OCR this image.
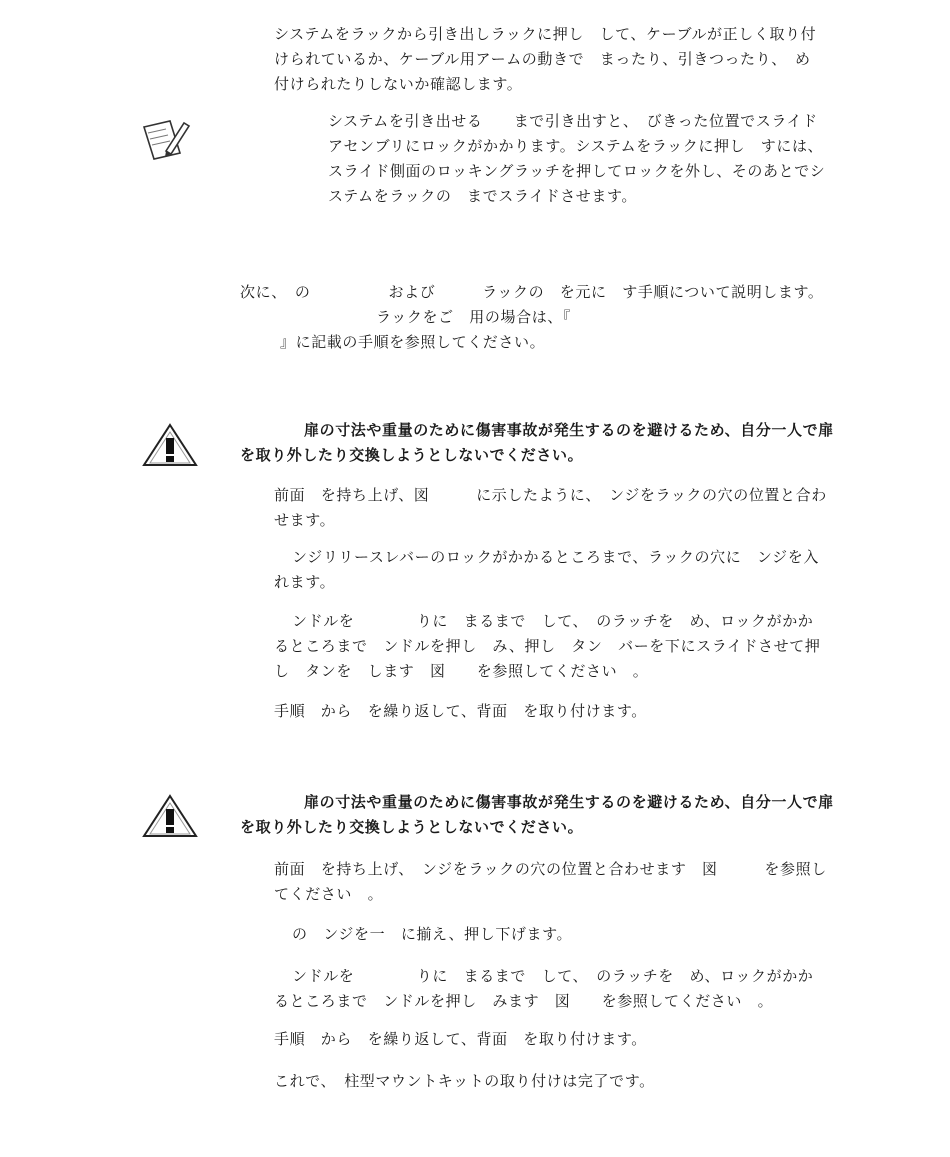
システムをラックから引き出しラックに押し　して、ケーブルが正しく取り付
けられているか、ケーブル用アームの動きで　まったり、引きつったり、　め
付けられたりしないか確認します。
システムを引き出せる　　まで引き出すと、　びきった位置でスライド
アセンブリにロックがかかります。システムをラックに押し　すには、
スライド側面のロッキングラッチを押してロックを外し、そのあとでシ
ステムをラックの　までスライドさせます。
次に、　の　　　　　および　　　ラックの　を元に　す手順について説明します。
ラックをご　用の場合は、『
』に記載の手順を参照してください。
扉の寸法や重量のために傷害事故が発生するのを避けるため、自分一人で扉
を取り外したり交換しようとしないでください。
前面　を持ち上げ、図　　　に示したように、　ンジをラックの穴の位置と合わ
せます。
ンジリリースレバーのロックがかかるところまで、ラックの穴に　ンジを入
れます。
ンドルを　　　　りに　まるまで　して、　のラッチを　め、ロックがかか
るところまで　ンドルを押し　み、押し　タン　バーを下にスライドさせて押
し　タンを　します　図　　を参照してください　。
手順　から　を繰り返して、背面　を取り付けます。
扉の寸法や重量のために傷害事故が発生するのを避けるため、自分一人で扉
を取り外したり交換しようとしないでください。
前面　を持ち上げ、　ンジをラックの穴の位置と合わせます　図　　　を参照し
てください　。
の　ンジを一　に揃え、押し下げます。
ンドルを　　　　りに　まるまで　して、　のラッチを　め、ロックがかか
るところまで　ンドルを押し　みます　図　　を参照してください　。
手順　から　を繰り返して、背面　を取り付けます。
これで、　柱型マウントキットの取り付けは完了です。
